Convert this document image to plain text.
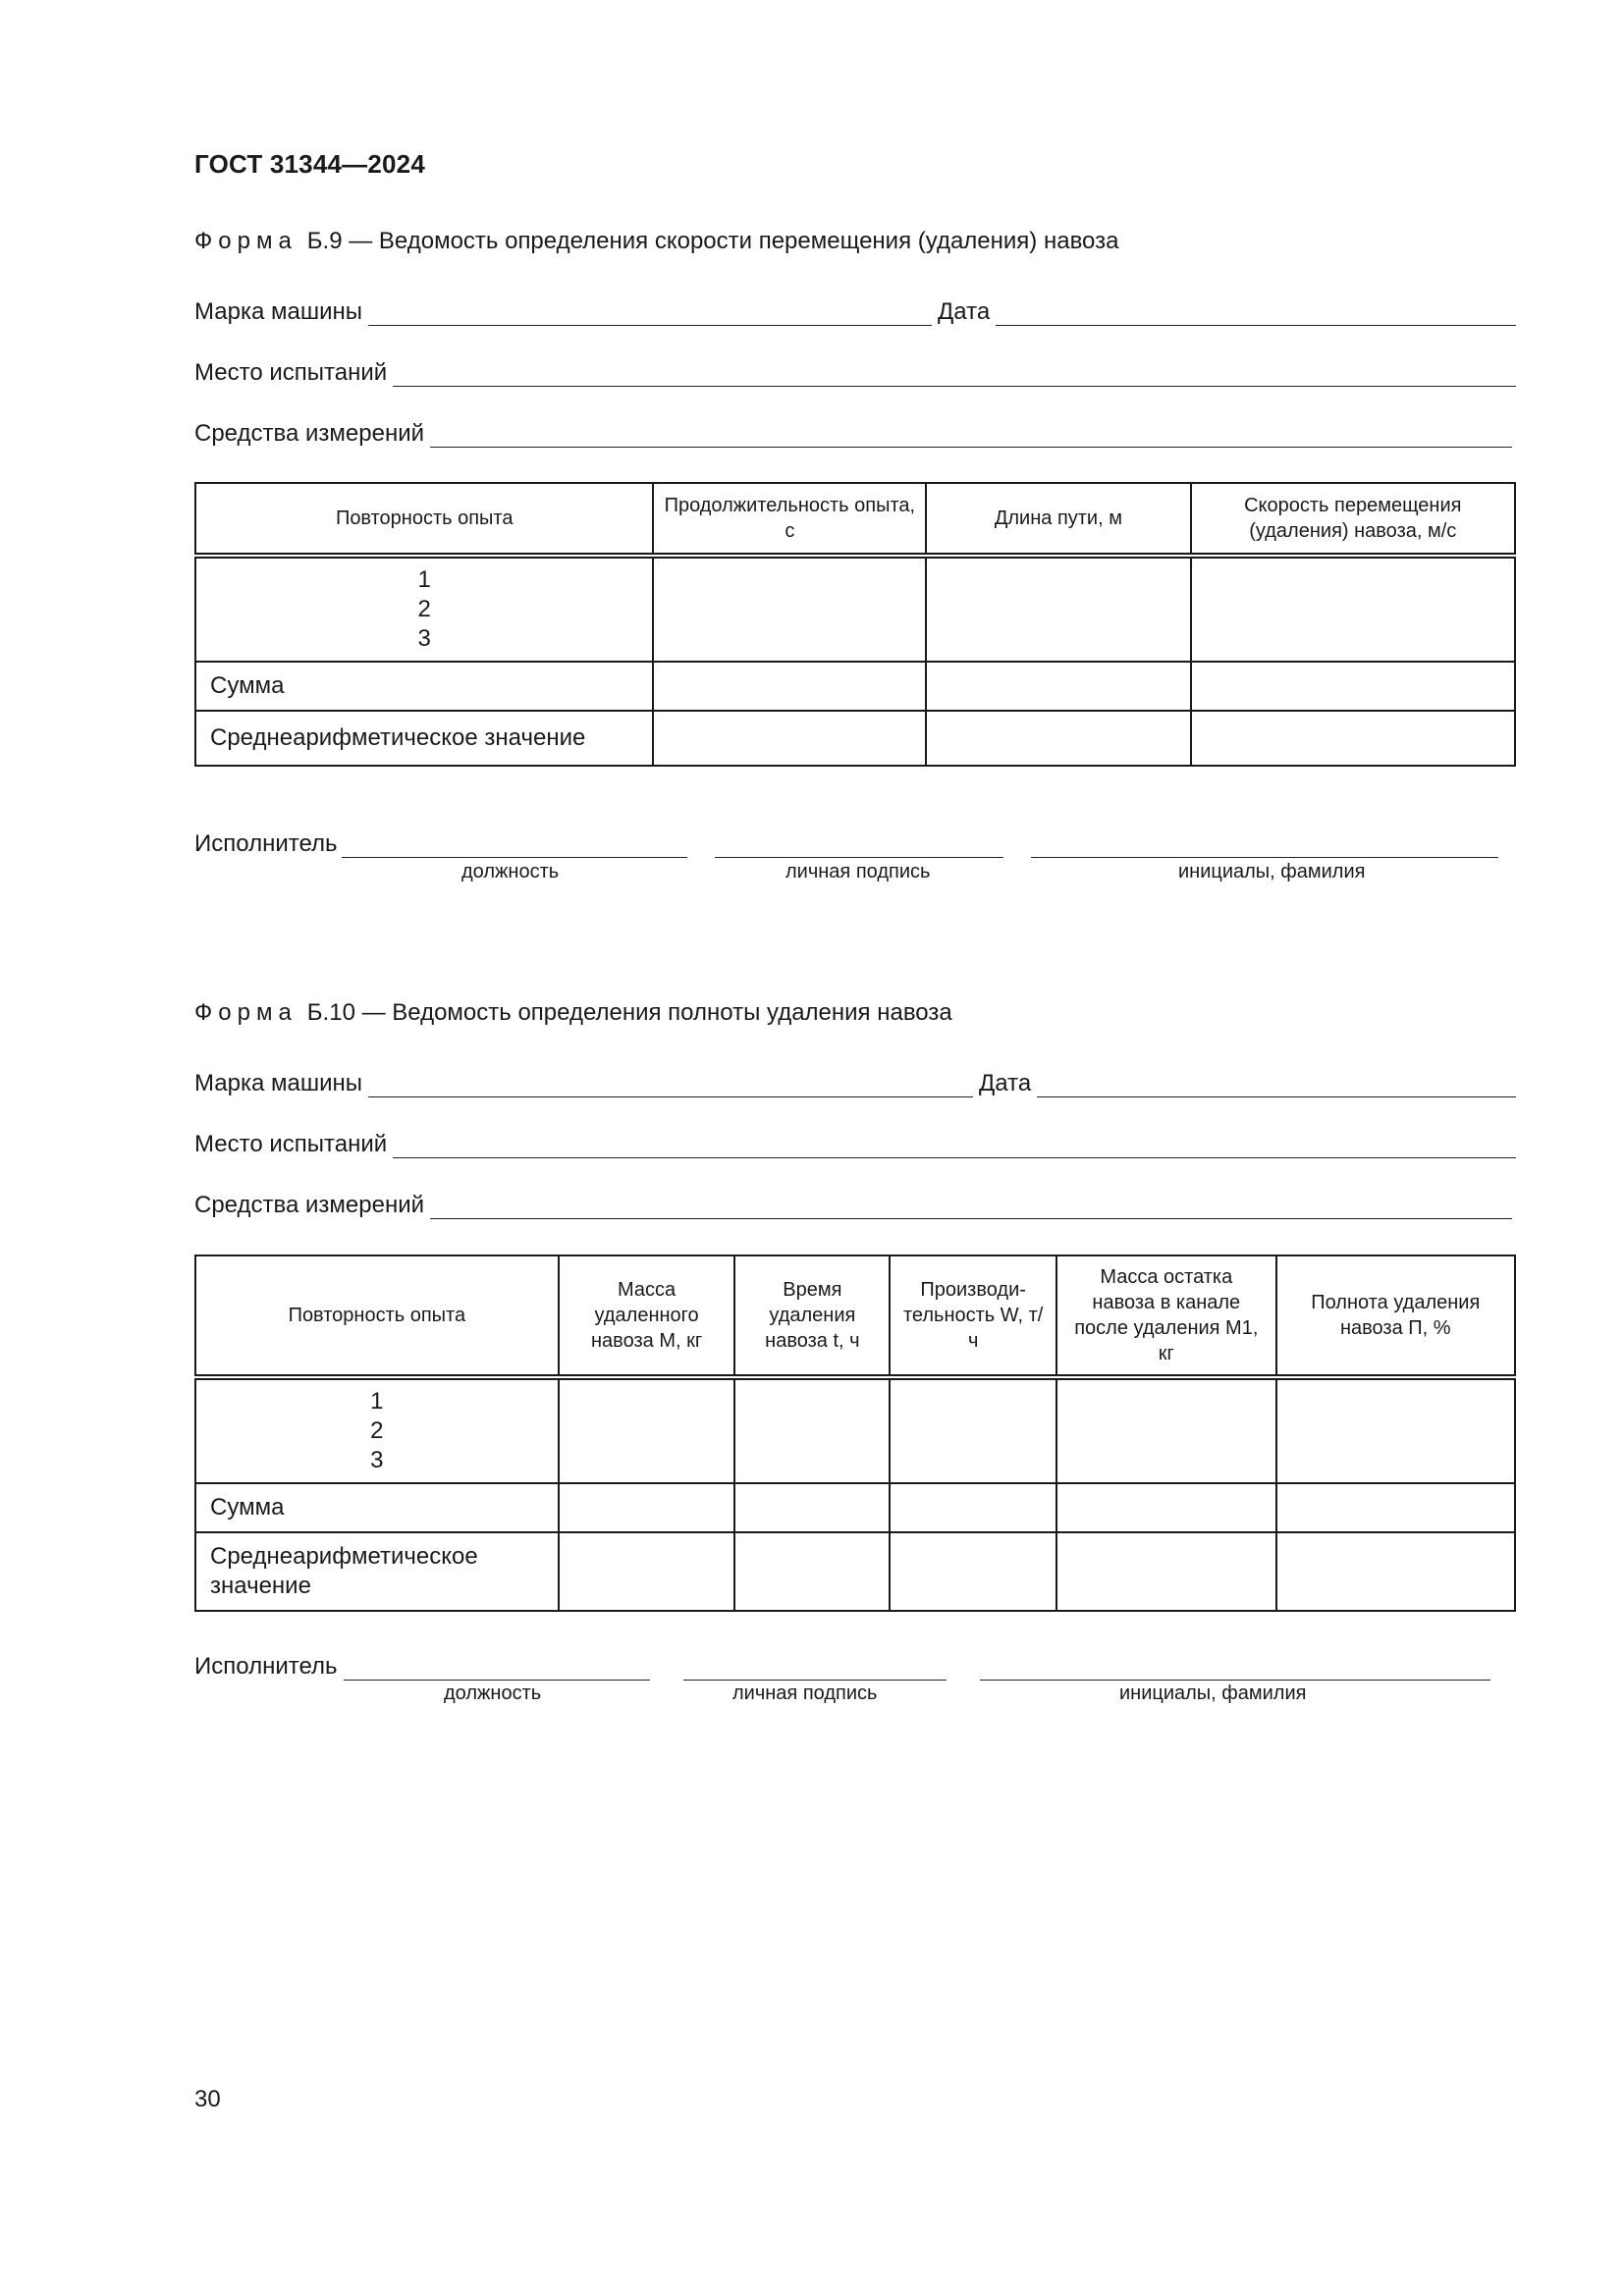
ГОСТ 31344—2024
Форма Б.9 — Ведомость определения скорости перемещения (удаления) навоза
Марка машины	Дата
Место испытаний
Средства измерений
Повторность опыта	Продолжительность опыта, с	Длина пути, м	Скорость перемещения (удаления) навоза, м/с

1
2
3			

Сумма			
Среднеарифметическое значение			
Исполнитель
должность	личная подпись	инициалы, фамилия
Форма Б.10 — Ведомость определения полноты удаления навоза
Марка машины	Дата
Место испытаний
Средства измерений
Повторность опыта	Масса удаленного навоза M, кг	Время удаления навоза t, ч	Производи-тельность W, т/ч	Масса остатка навоза в канале после удаления M1, кг	Полнота удаления навоза П, %

1
2
3					

Сумма					
Среднеарифметическое значение					
Исполнитель
должность	личная подпись	инициалы, фамилия
30
